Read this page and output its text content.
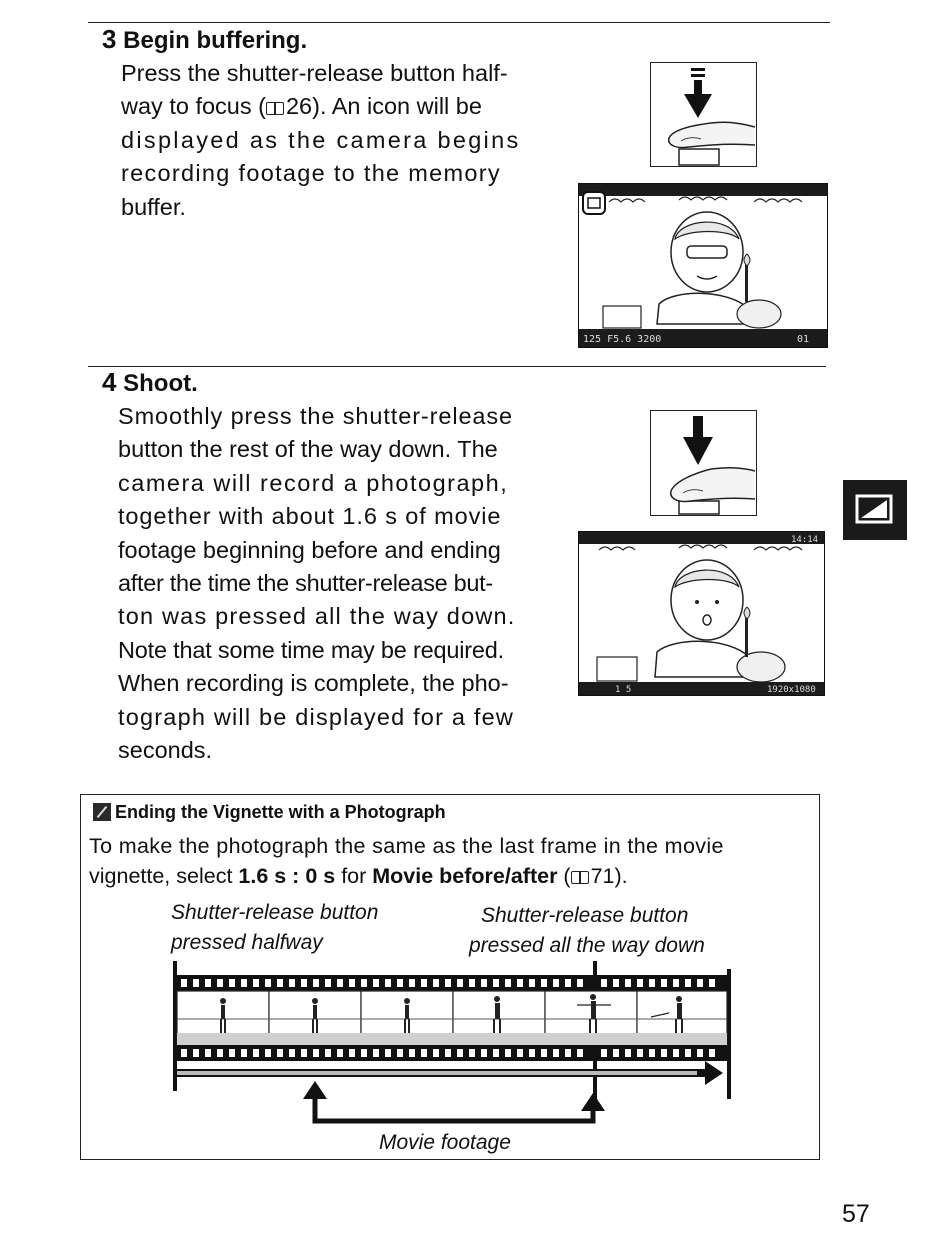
3 Begin buffering.

Press the shutter-release button half-
way to focus ( 26). An icon will be
displayed as the camera begins
recording footage to the memory
buffer.

125 F5.6 3200	01
4 Shoot.

Smoothly press the shutter-release
button the rest of the way down. The
camera will record a photograph,
together with about 1.6 s of movie
footage beginning before and ending
after the time the shutter-release but-
ton was pressed all the way down.
Note that some time may be required.
When recording is complete, the pho-
tograph will be displayed for a few
seconds.

14:14
1 5	1920x1080
Ending the Vignette with a Photograph
To make the photograph the same as the last frame in the movie
vignette, select 1.6 s : 0 s for Movie before/after ( 71).
Shutter-release button
pressed halfway
Shutter-release button
pressed all the way down
Movie footage
57
